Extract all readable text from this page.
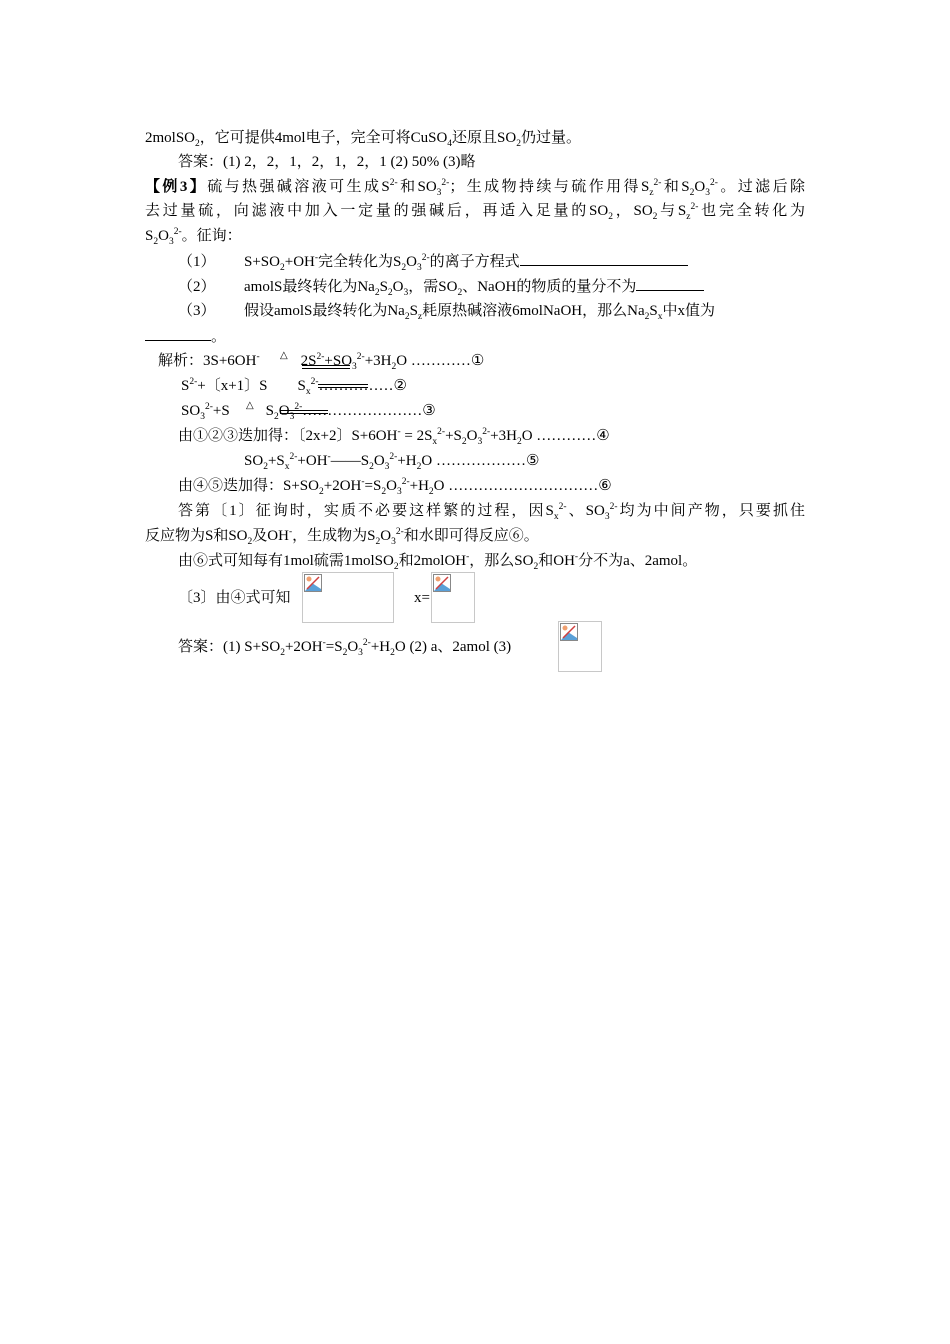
2molSO$_2$，它可提供4mol电子，完全可将CuSO$_4$还原且$SO_2$仍过量。
答案：(1) 2，2，1，2，1，2，1 (2) 50% (3)略
【例3】硫与热强碱溶液可生成$S^{2-}$和$SO_3^{2-}$；生成物持续与硫作用得$S_z^{2-}$和$S_2O_3^{2-}$。过滤后除
去过量硫，向滤液中加入一定量的强碱后，再适入足量的$SO_2$，$SO_2$与$S_z^{2-}$也完全转化为
$S_2O_3^{2-}$。征询：
（1） $S+SO_2+OH^-$完全转化为$S_2O_3^{2-}$的离子方程式
（2） amolS最终转化为$Na_2S_2O_3$，需$SO_2$、NaOH的物质的量分不为
（3） 假设amolS最终转化为$Na_2S_z$耗原热碱溶液6molNaOH，那么$Na_2S_x$中x值为
。
解析：3S+6OH-	$2S^{2-}+SO_3^{2-}+3H_2O$ …………①
△
$S^{2-}+$〔x+1〕S $S_x^{2-}\dots\dots\dots\dots\dots ②$
$SO_3^{2-}+S$ $S_2O_3^{2-}\dots\dots\dots\dots\dots\dots\dots\dots ③$
△
由①②③迭加得：〔2x+2〕$S+6OH^- = 2S_x^{2-}+S_2O_3^{2-}+3H_2O$ …………④
$SO_2+S_x^{2-}+OH^-——S_2O_3^{2-}+H_2O$ ………………⑤
由④⑤迭加得：$S+SO_2+2OH^-=S_2O_3^{2-}+H_2O$ …………………………⑥
答第〔1〕征询时，实质不必要这样繁的过程，因$S_x^{2-}$、$SO_3^{2-}$均为中间产物，只要抓住
反应物为S和$SO_2$及OH-，生成物为$S_2O_3^{2-}$和水即可得反应⑥。
由⑥式可知每有1mol硫需1molSO$_2$和2molOH-，那么$SO_2$和OH-分不为a、2amol。
〔3〕由④式可知	x=
答案：(1) $S+SO_2+2OH^-=S_2O_3^{2-}+H_2O$ (2) a、2amol (3)
